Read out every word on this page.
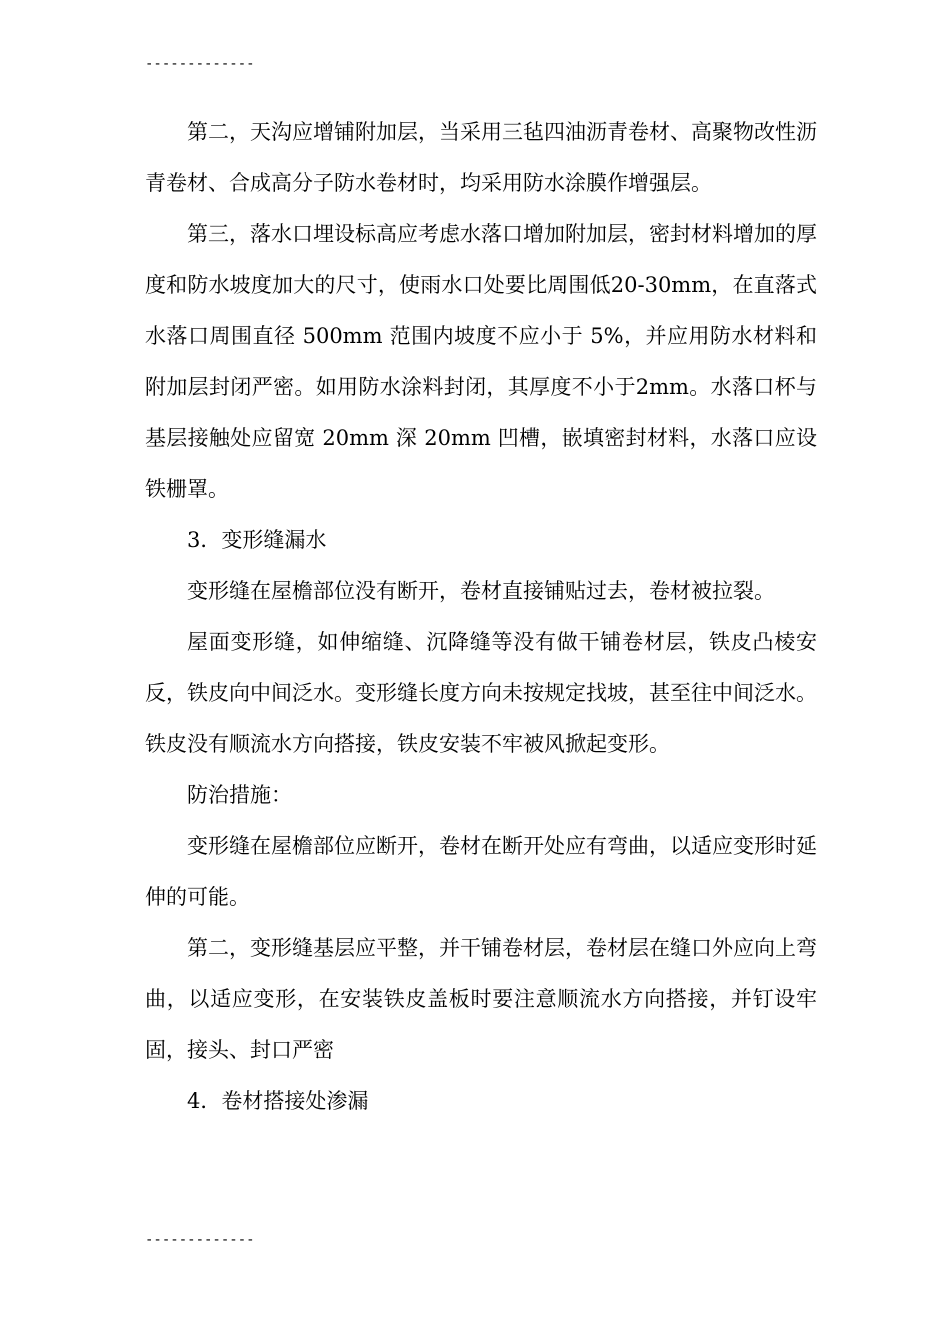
-------------

第二，天沟应增铺附加层，当采用三毡四油沥青卷材、高聚物改性沥青卷材、合成高分子防水卷材时，均采用防水涂膜作增强层。

第三，落水口埋设标高应考虑水落口增加附加层，密封材料增加的厚度和防水坡度加大的尺寸，使雨水口处要比周围低20-30mm，在直落式水落口周围直径 500mm 范围内坡度不应小于 5%，并应用防水材料和附加层封闭严密。如用防水涂料封闭，其厚度不小于2mm。水落口杯与基层接触处应留宽 20mm 深 20mm 凹槽，嵌填密封材料，水落口应设铁栅罩。

3．变形缝漏水

变形缝在屋檐部位没有断开，卷材直接铺贴过去，卷材被拉裂。

屋面变形缝，如伸缩缝、沉降缝等没有做干铺卷材层，铁皮凸棱安反，铁皮向中间泛水。变形缝长度方向未按规定找坡，甚至往中间泛水。

铁皮没有顺流水方向搭接，铁皮安装不牢被风掀起变形。

防治措施：

变形缝在屋檐部位应断开，卷材在断开处应有弯曲，以适应变形时延伸的可能。

第二，变形缝基层应平整，并干铺卷材层，卷材层在缝口外应向上弯曲，以适应变形，在安装铁皮盖板时要注意顺流水方向搭接，并钉设牢固，接头、封口严密

4．卷材搭接处渗漏

-------------
